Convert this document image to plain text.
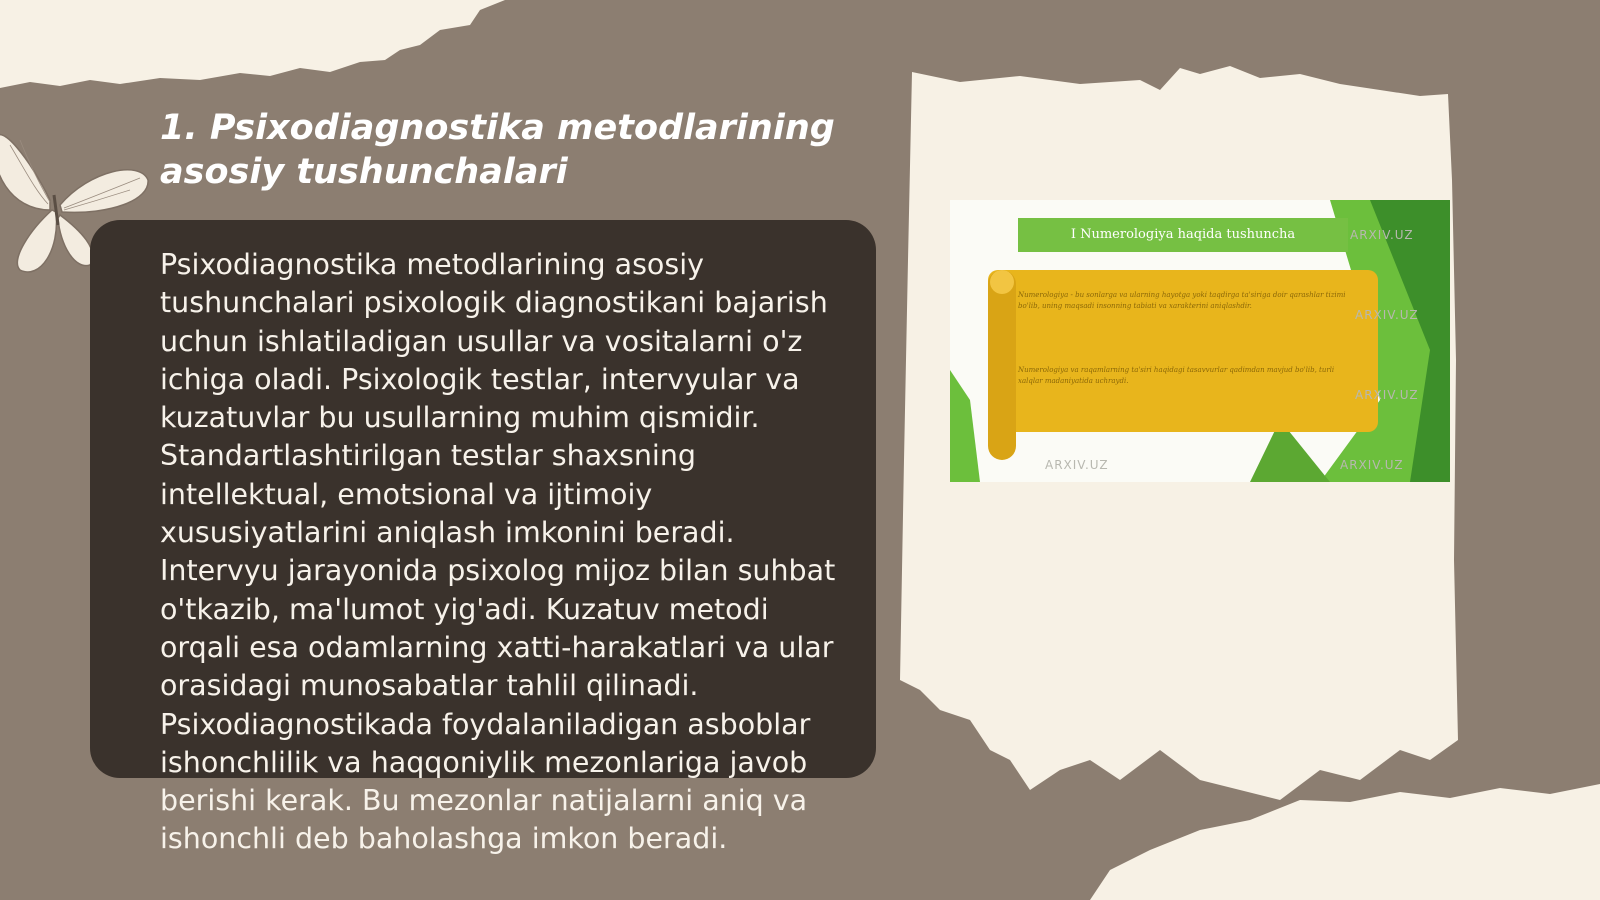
1. Psixodiagnostika metodlarining asosiy tushunchalari
Psixodiagnostika metodlarining asosiy tushunchalari psixologik diagnostikani bajarish uchun ishlatiladigan usullar va vositalarni o'z ichiga oladi. Psixologik testlar, intervyular va kuzatuvlar bu usullarning muhim qismidir. Standartlashtirilgan testlar shaxsning intellektual, emotsional va ijtimoiy xususiyatlarini aniqlash imkonini beradi. Intervyu jarayonida psixolog mijoz bilan suhbat o'tkazib, ma'lumot yig'adi. Kuzatuv metodi orqali esa odamlarning xatti-harakatlari va ular orasidagi munosabatlar tahlil qilinadi. Psixodiagnostikada foydalaniladigan asboblar ishonchlilik va haqqoniylik mezonlariga javob berishi kerak. Bu mezonlar natijalarni aniq va ishonchli deb baholashga imkon beradi.
I Numerologiya haqida tushuncha
Numerologiya - bu sonlarga va ularning hayotga yoki taqdirga ta'siriga doir qarashlar tizimi bo'lib, uning maqsadi insonning tabiati va xarakterini aniqlashdir.
Numerologiya va raqamlarning ta'siri haqidagi tasavvurlar qadimdan mavjud bo'lib, turli xalqlar madaniyatida uchraydi.
ARXIV.UZ	ARXIV.UZ
ARXIV.UZ
ARXIV.UZ
ARXIV.UZ
